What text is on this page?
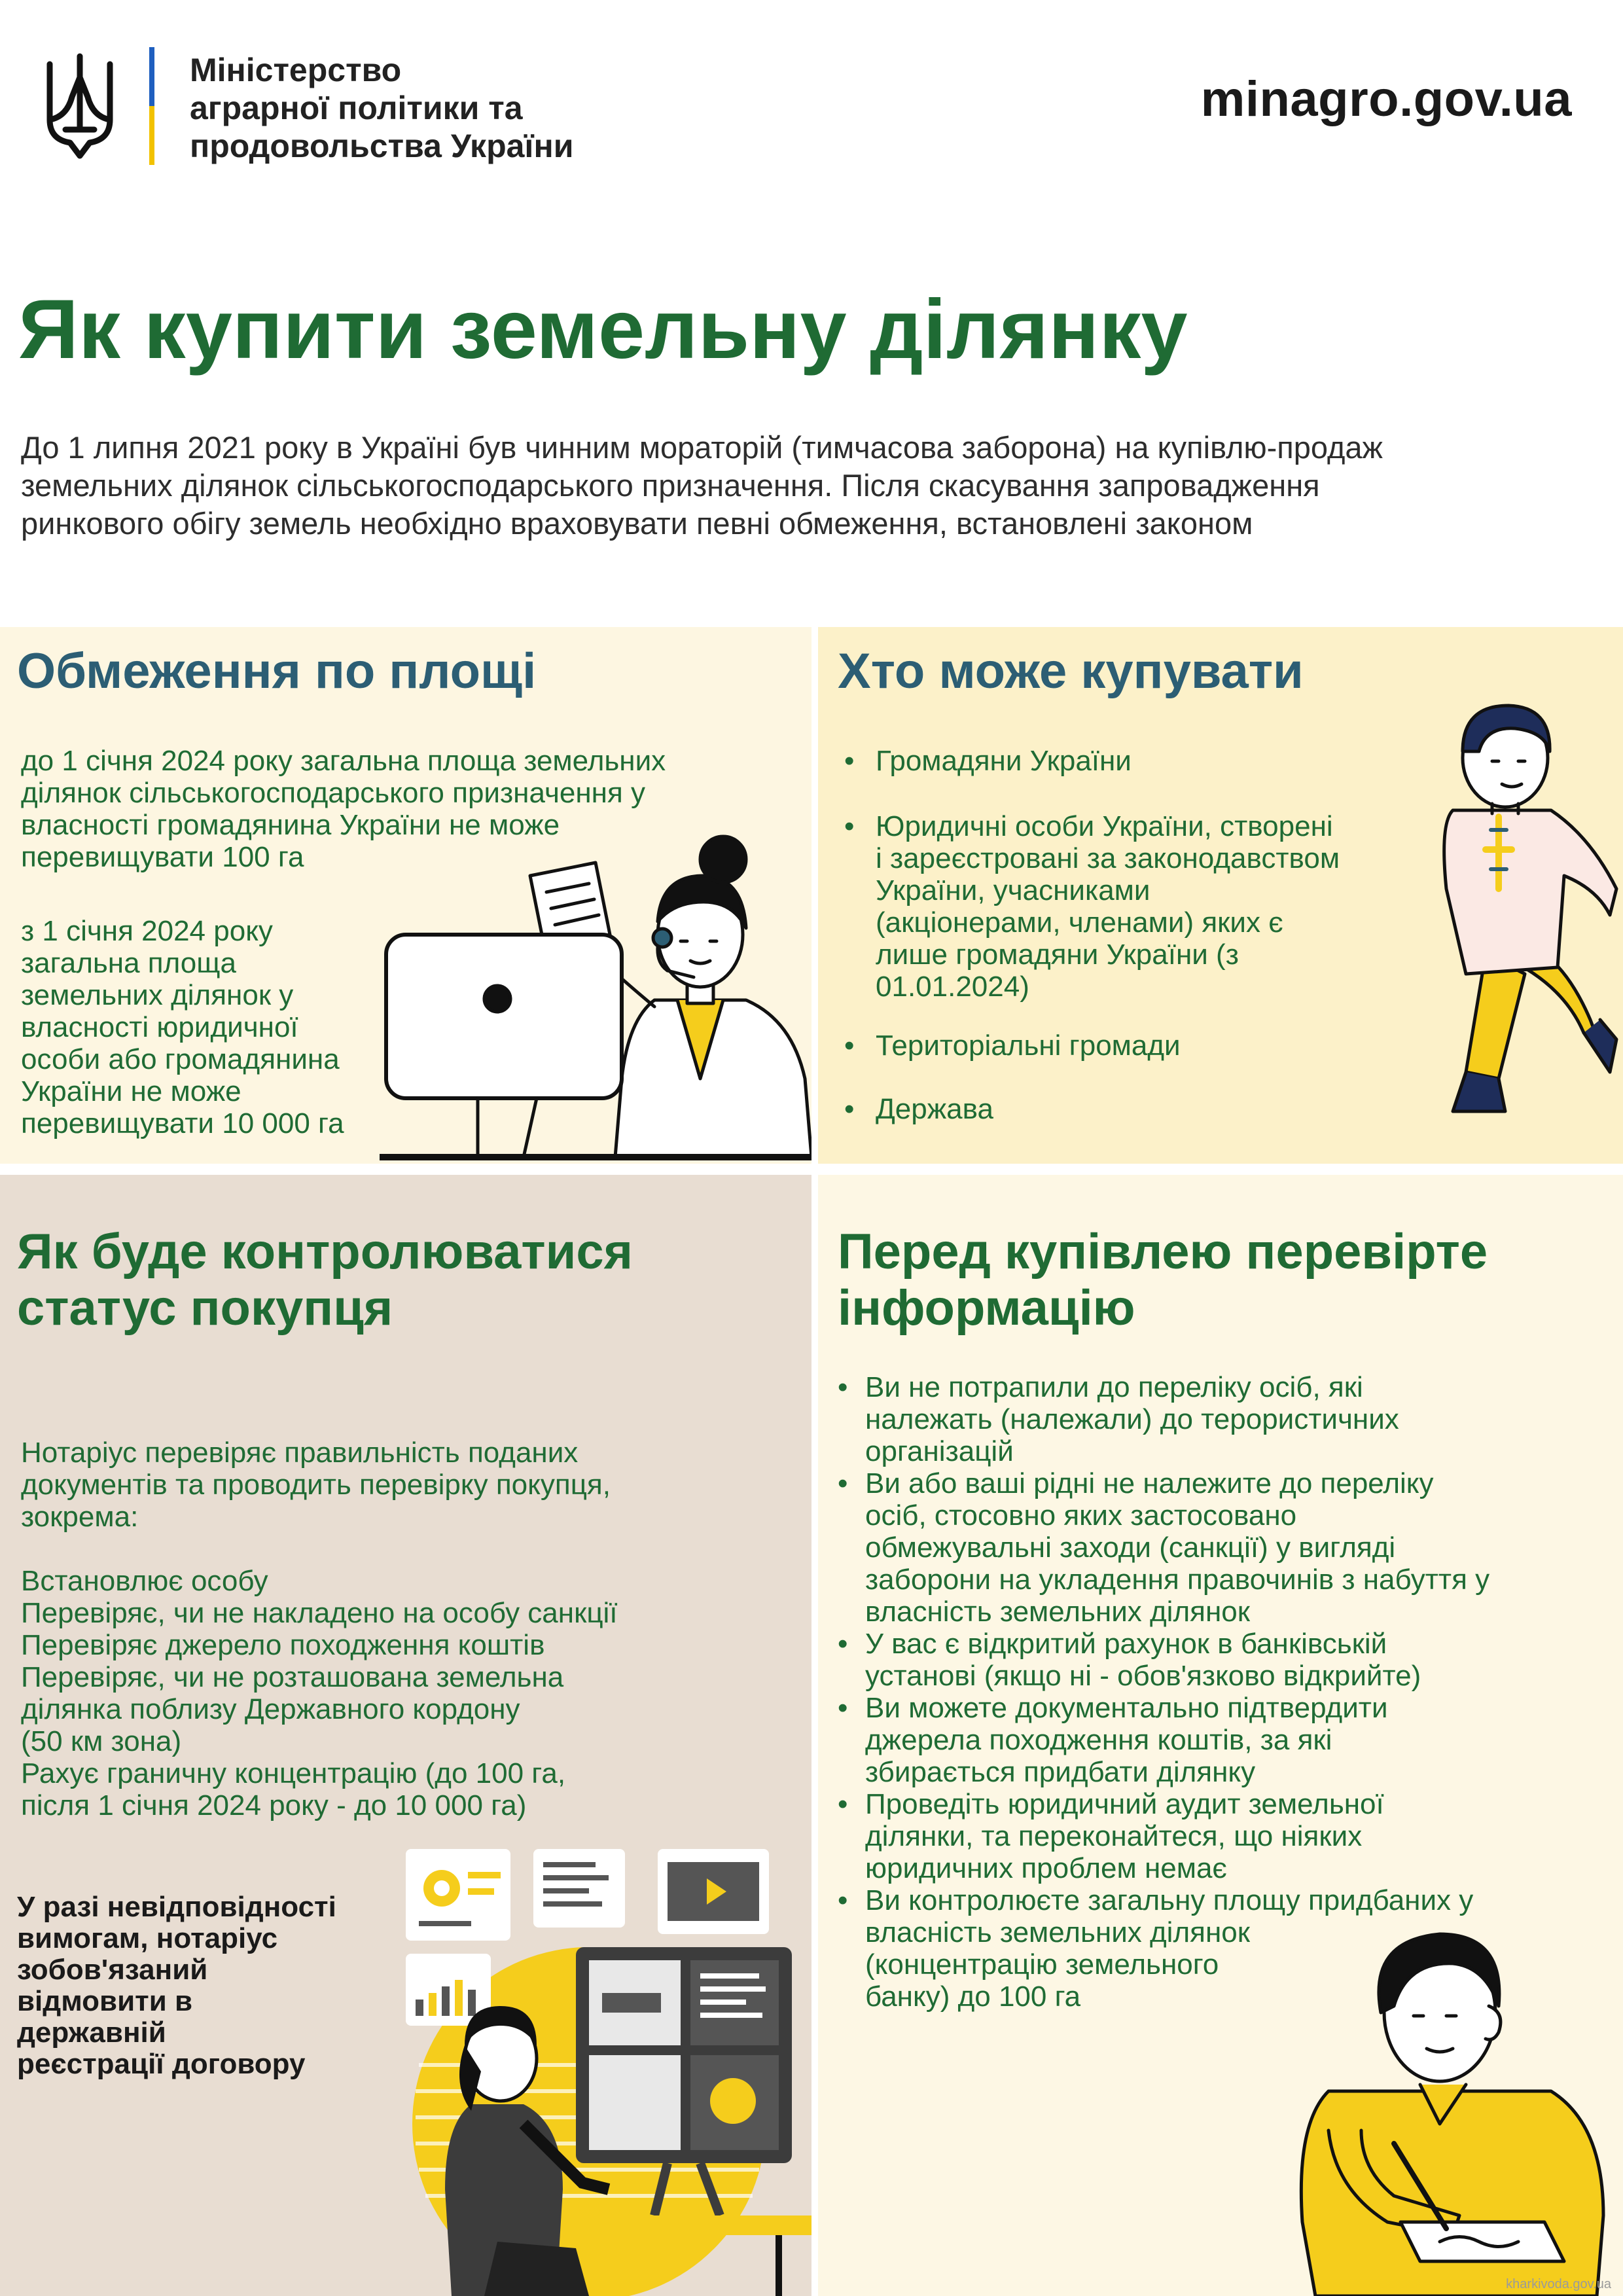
Міністерство
аграрної політики та
продовольства України
minagro.gov.ua
Як купити земельну ділянку
До 1 липня 2021 року в Україні був чинним мораторій (тимчасова заборона) на купівлю-продаж
земельних ділянок сільськогосподарського призначення. Після скасування запровадження
ринкового обігу земель необхідно враховувати певні обмеження, встановлені законом
Обмеження по площі
до 1 січня 2024 року загальна площа земельних
ділянок сільськогосподарського призначення у
власності громадянина України не може
перевищувати 100 га
з 1 січня 2024 року
загальна площа
земельних ділянок у
власності юридичної
особи або громадянина
України не може
перевищувати 10 000 га
Хто може купувати
• Громадяни України
• Юридичні особи України, створені
і зареєстровані за законодавством
України, учасниками
(акціонерами, членами) яких є
лише громадяни України (з
01.01.2024)
• Територіальні громади
• Держава
Як буде контролюватися
статус покупця
Нотаріус перевіряє правильність поданих
документів та проводить перевірку покупця,
зокрема:
Встановлює особу
Перевіряє, чи не накладено на особу санкції
Перевіряє джерело походження коштів
Перевіряє, чи не розташована земельна
ділянка поблизу Державного кордону
(50 км зона)
Рахує граничну концентрацію (до 100 га,
після 1 січня 2024 року - до 10 000 га)
У разі невідповідності
вимогам, нотаріус
зобов'язаний
відмовити в
державній
реєстрації договору
Перед купівлею перевірте
інформацію
• Ви не потрапили до переліку осіб, які
належать (належали) до терористичних
організацій
• Ви або ваші рідні не належите до переліку
осіб, стосовно яких застосовано
обмежувальні заходи (санкції) у вигляді
заборони на укладення правочинів з набуття у
власність земельних ділянок
• У вас є відкритий рахунок в банківській
установі (якщо ні - обов'язково відкрийте)
• Ви можете документально підтвердити
джерела походження коштів, за які
збирається придбати ділянку
• Проведіть юридичний аудит земельної
ділянки, та переконайтеся, що ніяких
юридичних проблем немає
• Ви контролюєте загальну площу придбаних у
власність земельних ділянок
(концентрацію земельного
банку) до 100 га
kharkivoda.gov.ua
